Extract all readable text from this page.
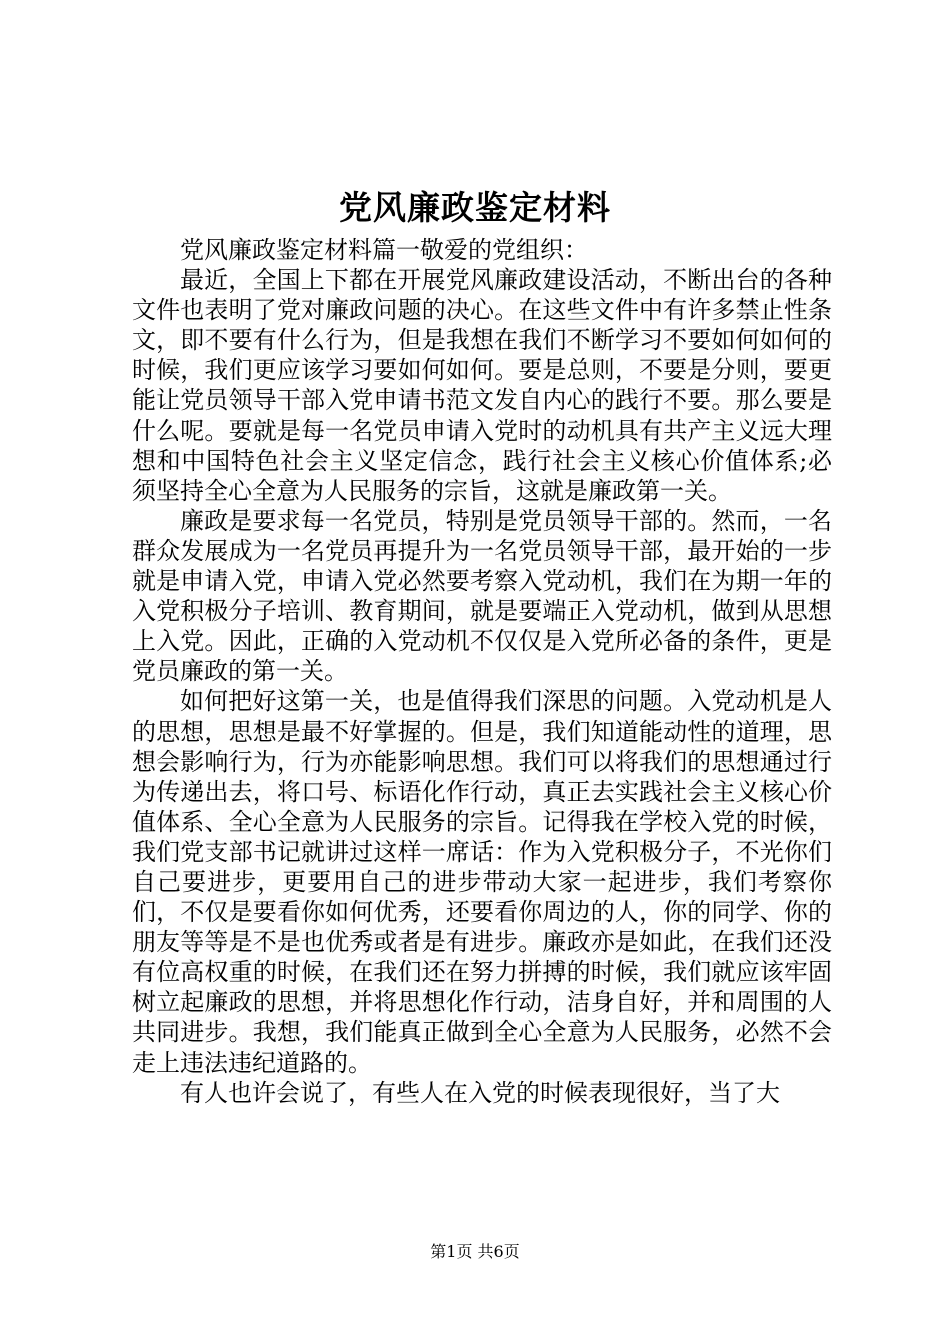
党风廉政鉴定材料

党风廉政鉴定材料篇一敬爱的党组织：

最近，全国上下都在开展党风廉政建设活动，不断出台的各种文件也表明了党对廉政问题的决心。在这些文件中有许多禁止性条文，即不要有什么行为，但是我想在我们不断学习不要如何如何的时候，我们更应该学习要如何如何。要是总则，不要是分则，要更能让党员领导干部入党申请书范文发自内心的践行不要。那么要是什么呢。要就是每一名党员申请入党时的动机具有共产主义远大理想和中国特色社会主义坚定信念，践行社会主义核心价值体系;必须坚持全心全意为人民服务的宗旨，这就是廉政第一关。

廉政是要求每一名党员，特别是党员领导干部的。然而，一名群众发展成为一名党员再提升为一名党员领导干部，最开始的一步就是申请入党，申请入党必然要考察入党动机，我们在为期一年的入党积极分子培训、教育期间，就是要端正入党动机，做到从思想上入党。因此，正确的入党动机不仅仅是入党所必备的条件，更是党员廉政的第一关。

如何把好这第一关，也是值得我们深思的问题。入党动机是人的思想，思想是最不好掌握的。但是，我们知道能动性的道理，思想会影响行为，行为亦能影响思想。我们可以将我们的思想通过行为传递出去，将口号、标语化作行动，真正去实践社会主义核心价值体系、全心全意为人民服务的宗旨。记得我在学校入党的时候，我们党支部书记就讲过这样一席话：作为入党积极分子，不光你们自己要进步，更要用自己的进步带动大家一起进步，我们考察你们，不仅是要看你如何优秀，还要看你周边的人，你的同学、你的朋友等等是不是也优秀或者是有进步。廉政亦是如此，在我们还没有位高权重的时候，在我们还在努力拼搏的时候，我们就应该牢固树立起廉政的思想，并将思想化作行动，洁身自好，并和周围的人共同进步。我想，我们能真正做到全心全意为人民服务，必然不会走上违法违纪道路的。

有人也许会说了，有些人在入党的时候表现很好，当了大

第1页 共6页
